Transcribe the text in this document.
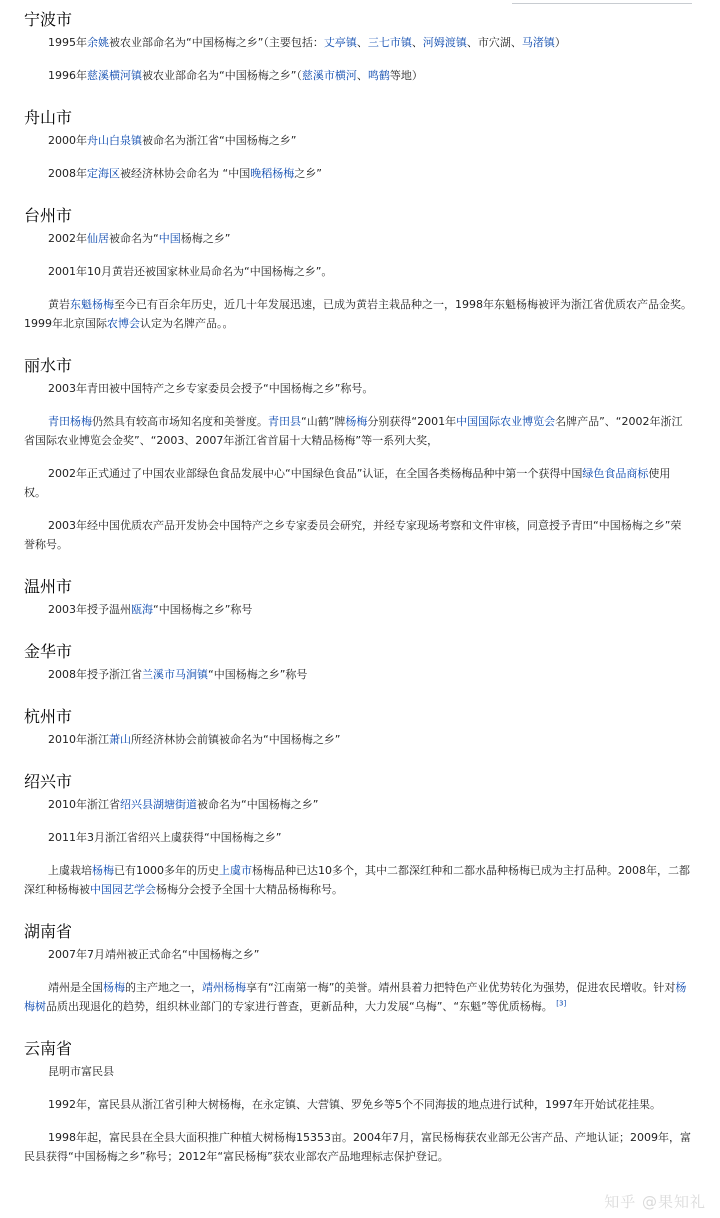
宁波市

1995年余姚被农业部命名为“中国杨梅之乡”（主要包括：丈亭镇、三七市镇、河姆渡镇、市穴湖、马渚镇）

1996年慈溪横河镇被农业部命名为“中国杨梅之乡”（慈溪市横河、鸣鹤等地）

舟山市

2000年舟山白泉镇被命名为浙江省“中国杨梅之乡”

2008年定海区被经济林协会命名为 “中国晚稻杨梅之乡”

台州市

2002年仙居被命名为“中国杨梅之乡”

2001年10月黄岩还被国家林业局命名为“中国杨梅之乡”。

黄岩东魁杨梅至今已有百余年历史，近几十年发展迅速，已成为黄岩主栽品种之一，1998年东魁杨梅被评为浙江省优质农产品金奖。1999年北京国际农博会认定为名牌产品。。

丽水市

2003年青田被中国特产之乡专家委员会授予“中国杨梅之乡”称号。

青田杨梅仍然具有较高市场知名度和美誉度。青田县“山鹤”牌杨梅分别获得“2001年中国国际农业博览会名牌产品”、“2002年浙江省国际农业博览会金奖”、“2003、2007年浙江省首届十大精品杨梅”等一系列大奖，

2002年正式通过了中国农业部绿色食品发展中心“中国绿色食品”认证，在全国各类杨梅品种中第一个获得中国绿色食品商标使用权。

2003年经中国优质农产品开发协会中国特产之乡专家委员会研究，并经专家现场考察和文件审核，同意授予青田“中国杨梅之乡”荣誉称号。

温州市

2003年授予温州瓯海“中国杨梅之乡”称号

金华市

2008年授予浙江省兰溪市马涧镇“中国杨梅之乡”称号

杭州市

2010年浙江萧山所经济林协会前镇被命名为“中国杨梅之乡”

绍兴市

2010年浙江省绍兴县湖塘街道被命名为“中国杨梅之乡”

2011年3月浙江省绍兴上虞获得“中国杨梅之乡”

上虞栽培杨梅已有1000多年的历史上虞市杨梅品种已达10多个，其中二都深红种和二都水晶种杨梅已成为主打品种。2008年，二都深红种杨梅被中国园艺学会杨梅分会授予全国十大精品杨梅称号。

湖南省

2007年7月靖州被正式命名“中国杨梅之乡”

靖州是全国杨梅的主产地之一，靖州杨梅享有“江南第一梅”的美誉。靖州县着力把特色产业优势转化为强势，促进农民增收。针对杨梅树品质出现退化的趋势，组织林业部门的专家进行普查，更新品种，大力发展“乌梅”、“东魁”等优质杨梅。 [3]

云南省

昆明市富民县

1992年，富民县从浙江省引种大树杨梅，在永定镇、大营镇、罗免乡等5个不同海拔的地点进行试种，1997年开始试花挂果。

1998年起，富民县在全县大面积推广种植大树杨梅15353亩。2004年7月，富民杨梅获农业部无公害产品、产地认证；2009年，富民县获得“中国杨梅之乡”称号；2012年“富民杨梅”获农业部农产品地理标志保护登记。

知乎 @果知礼
